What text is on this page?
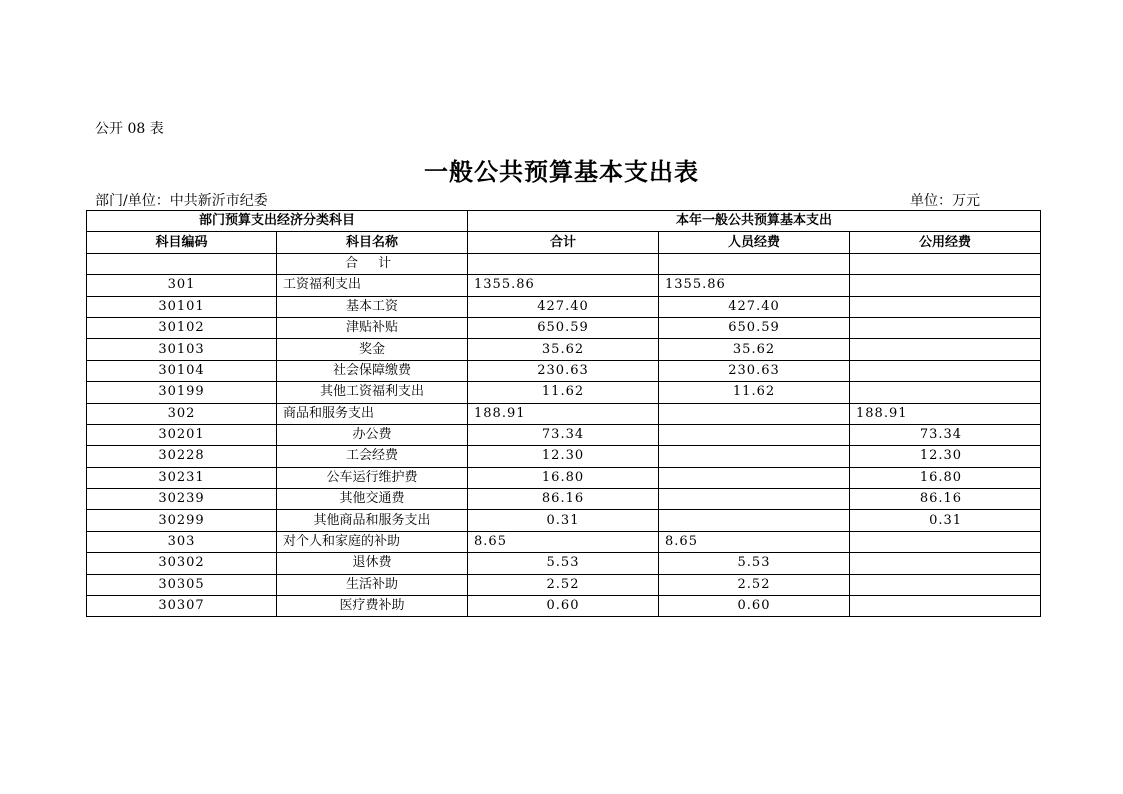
公开 08 表
一般公共预算基本支出表
部门/单位：中共新沂市纪委	单位：万元
部门预算支出经济分类科目		本年一般公共预算基本支出		
科目编码	科目名称	合计	人员经费	公用经费
	合 计			
301	工资福利支出	1355.86	1355.86	
30101	基本工资	427.40	427.40	
30102	津贴补贴	650.59	650.59	
30103	奖金	35.62	35.62	
30104	社会保障缴费	230.63	230.63	
30199	其他工资福利支出	11.62	11.62	
302	商品和服务支出	188.91		188.91
30201	办公费	73.34		73.34
30228	工会经费	12.30		12.30
30231	公车运行维护费	16.80		16.80
30239	其他交通费	86.16		86.16
30299	其他商品和服务支出	0.31		0.31
303	对个人和家庭的补助	8.65	8.65	
30302	退休费	5.53	5.53	
30305	生活补助	2.52	2.52	
30307	医疗费补助	0.60	0.60	
